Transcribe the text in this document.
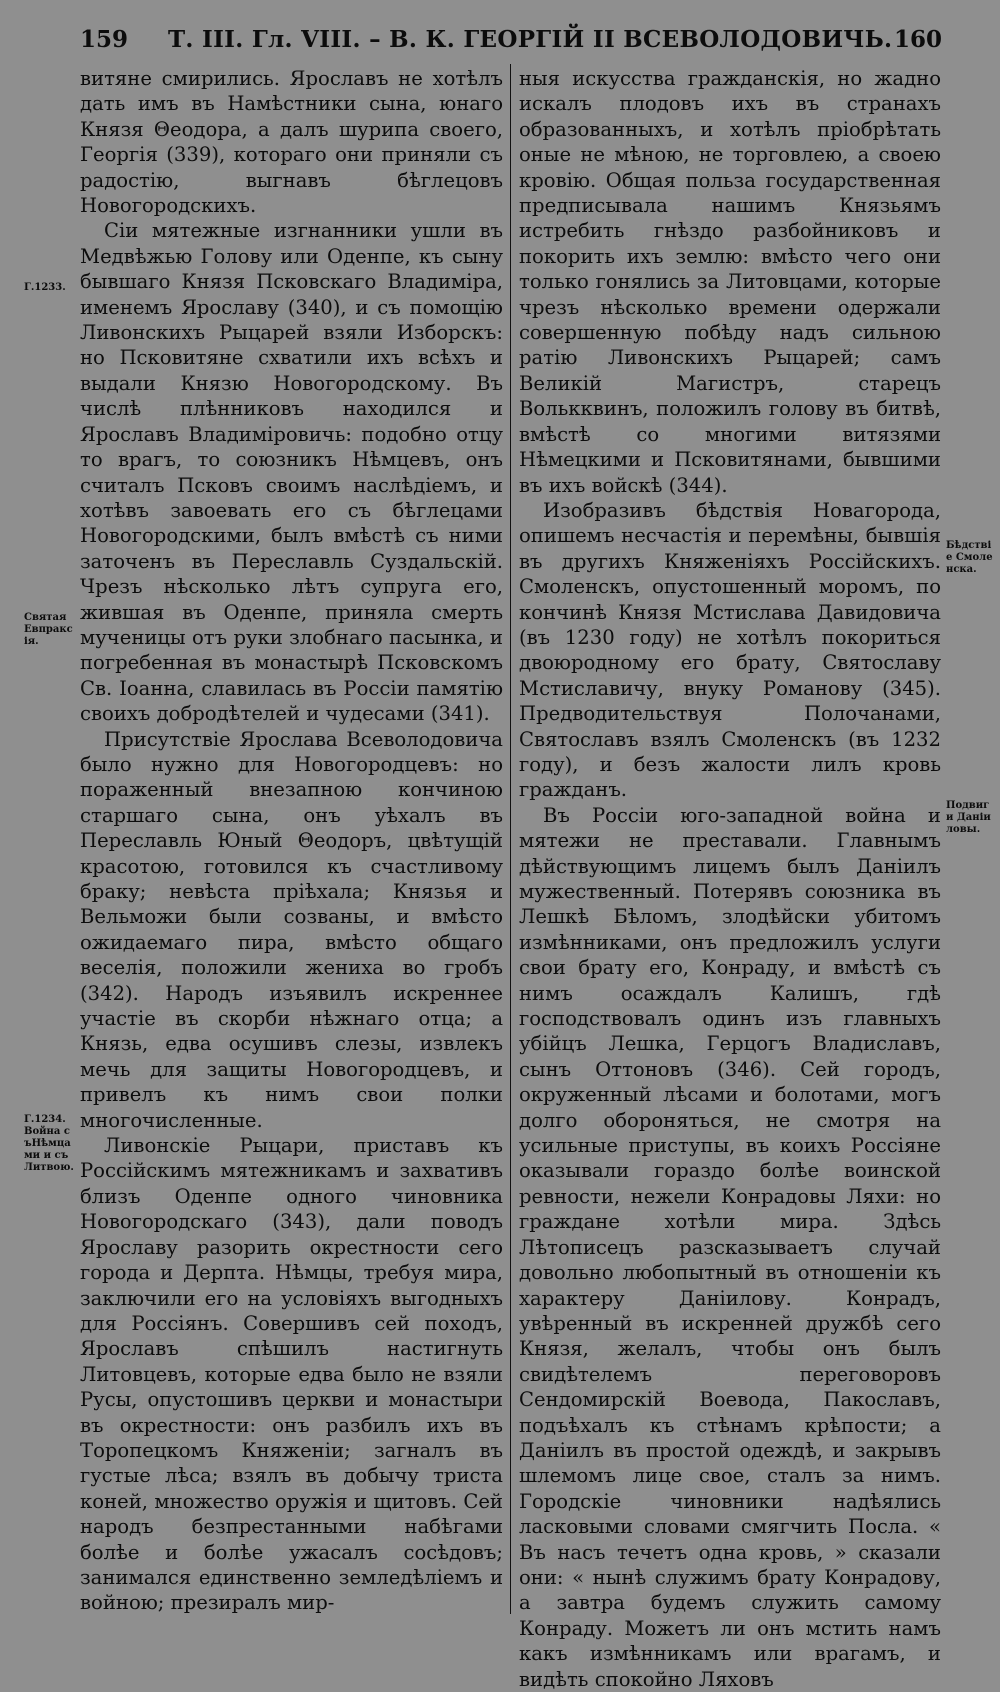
159 Т. III. Гл. VIII. – В. К. ГЕОРГІЙ II ВСЕВОЛОДОВИЧЬ. 160
Г.1233.
Святая Евпраксія.
Г.1234. Война съНѣмцами и съ Литвою.
Бѣдствіе Смоленска.
Подвиги Даніиловы.

витяне смирились. Ярославъ не хотѣлъ дать имъ въ Намѣстники сына, юнаго Князя Θеодора, а далъ шурипа своего, Георгія (339), котораго они приняли съ радостію, выгнавъ бѣглецовъ Новогородскихъ.

Сіи мятежные изгнанники ушли въ Медвѣжью Голову или Оденпе, къ сыну бывшаго Князя Псковскаго Владиміра, именемъ Ярославу (340), и съ помощію Ливонскихъ Рыцарей взяли Изборскъ: но Псковитяне схватили ихъ всѣхъ и выдали Князю Новогородскому. Въ числѣ плѣнниковъ находился и Ярославъ Владиміровичь: подобно отцу то врагъ, то союзникъ Нѣмцевъ, онъ считалъ Псковъ своимъ наслѣдіемъ, и хотѣвъ завоевать его съ бѣглецами Новогородскими, былъ вмѣстѣ съ ними заточенъ въ Переславль Суздальскій. Чрезъ нѣсколько лѣтъ супруга его, жившая въ Оденпе, приняла смерть мученицы отъ руки злобнаго пасынка, и погребенная въ монастырѣ Псковскомъ Св. Іоанна, славилась въ Россіи памятію своихъ добродѣтелей и чудесами (341).

Присутствіе Ярослава Всеволодовича было нужно для Новогородцевъ: но пораженный внезапною кончиною старшаго сына, онъ уѣхалъ въ Переславль Юный Θеодоръ, цвѣтущій красотою, готовился къ счастливому браку; невѣста пріѣхала; Князья и Вельможи были созваны, и вмѣсто ожидаемаго пира, вмѣсто общаго веселія, положили жениха во гробъ (342). Народъ изъявилъ искреннее участіе въ скорби нѣжнаго отца; а Князь, едва осушивъ слезы, извлекъ мечь для защиты Новогородцевъ, и привелъ къ нимъ свои полки многочисленные.

Ливонскіе Рыцари, приставъ къ Россійскимъ мятежникамъ и захвативъ близъ Оденпе одного чиновника Новогородскаго (343), дали поводъ Ярославу разорить окрестности сего города и Дерпта. Нѣмцы, требуя мира, заключили его на условіяхъ выгодныхъ для Россіянъ. Совершивъ сей походъ, Ярославъ спѣшилъ настигнуть Литовцевъ, которые едва было не взяли Русы, опустошивъ церкви и монастыри въ окрестности: онъ разбилъ ихъ въ Торопецкомъ Княженіи; загналъ въ густые лѣса; взялъ въ добычу триста коней, множество оружія и щитовъ. Сей народъ безпрестанными набѣгами болѣе и болѣе ужасалъ сосѣдовъ; занимался единственно земледѣліемъ и войною; презиралъ мир-

ныя искусства гражданскія, но жадно искалъ плодовъ ихъ въ странахъ образованныхъ, и хотѣлъ пріобрѣтать оные не мѣною, не торговлею, а своею кровію. Общая польза государственная предписывала нашимъ Князьямъ истребить гнѣздо разбойниковъ и покорить ихъ землю: вмѣсто чего они только гонялись за Литовцами, которые чрезъ нѣсколько времени одержали совершенную побѣду надъ сильною ратію Ливонскихъ Рыцарей; самъ Великій Магистръ, старецъ Волькквинъ, положилъ голову въ битвѣ, вмѣстѣ со многими витязями Нѣмецкими и Псковитянами, бывшими въ ихъ войскѣ (344).

Изобразивъ бѣдствія Новагорода, опишемъ несчастія и перемѣны, бывшія въ другихъ Княженіяхъ Россійскихъ. Смоленскъ, опустошенный моромъ, по кончинѣ Князя Мстислава Давидовича (въ 1230 году) не хотѣлъ покориться двоюродному его брату, Святославу Мстиславичу, внуку Романову (345). Предводительствуя Полочанами, Святославъ взялъ Смоленскъ (въ 1232 году), и безъ жалости лилъ кровь гражданъ.

Въ Россіи юго-западной война и мятежи не преставали. Главнымъ дѣйствующимъ лицемъ былъ Даніилъ мужественный. Потерявъ союзника въ Лешкѣ Бѣломъ, злодѣйски убитомъ измѣнниками, онъ предложилъ услуги свои брату его, Конраду, и вмѣстѣ съ нимъ осаждалъ Калишъ, гдѣ господствовалъ одинъ изъ главныхъ убійцъ Лешка, Герцогъ Владиславъ, сынъ Оттоновъ (346). Сей городъ, окруженный лѣсами и болотами, могъ долго обороняться, не смотря на усильные приступы, въ коихъ Россіяне оказывали гораздо болѣе воинской ревности, нежели Конрадовы Ляхи: но граждане хотѣли мира. Здѣсь Лѣтописецъ разсказываетъ случай довольно любопытный въ отношеніи къ характеру Даніилову. Конрадъ, увѣренный въ искренней дружбѣ сего Князя, желалъ, чтобы онъ былъ свидѣтелемъ переговоровъ Сендомирскій Воевода, Пакославъ, подъѣхалъ къ стѣнамъ крѣпости; а Даніилъ въ простой одеждѣ, и закрывъ шлемомъ лице свое, сталъ за нимъ. Городскіе чиновники надѣялись ласковыми словами смягчить Посла. « Въ насъ течетъ одна кровь, » сказали они: « нынѣ служимъ брату Конрадову, а завтра будемъ служить самому Конраду. Можетъ ли онъ мстить намъ какъ измѣнникамъ или врагамъ, и видѣть спокойно Ляховъ
